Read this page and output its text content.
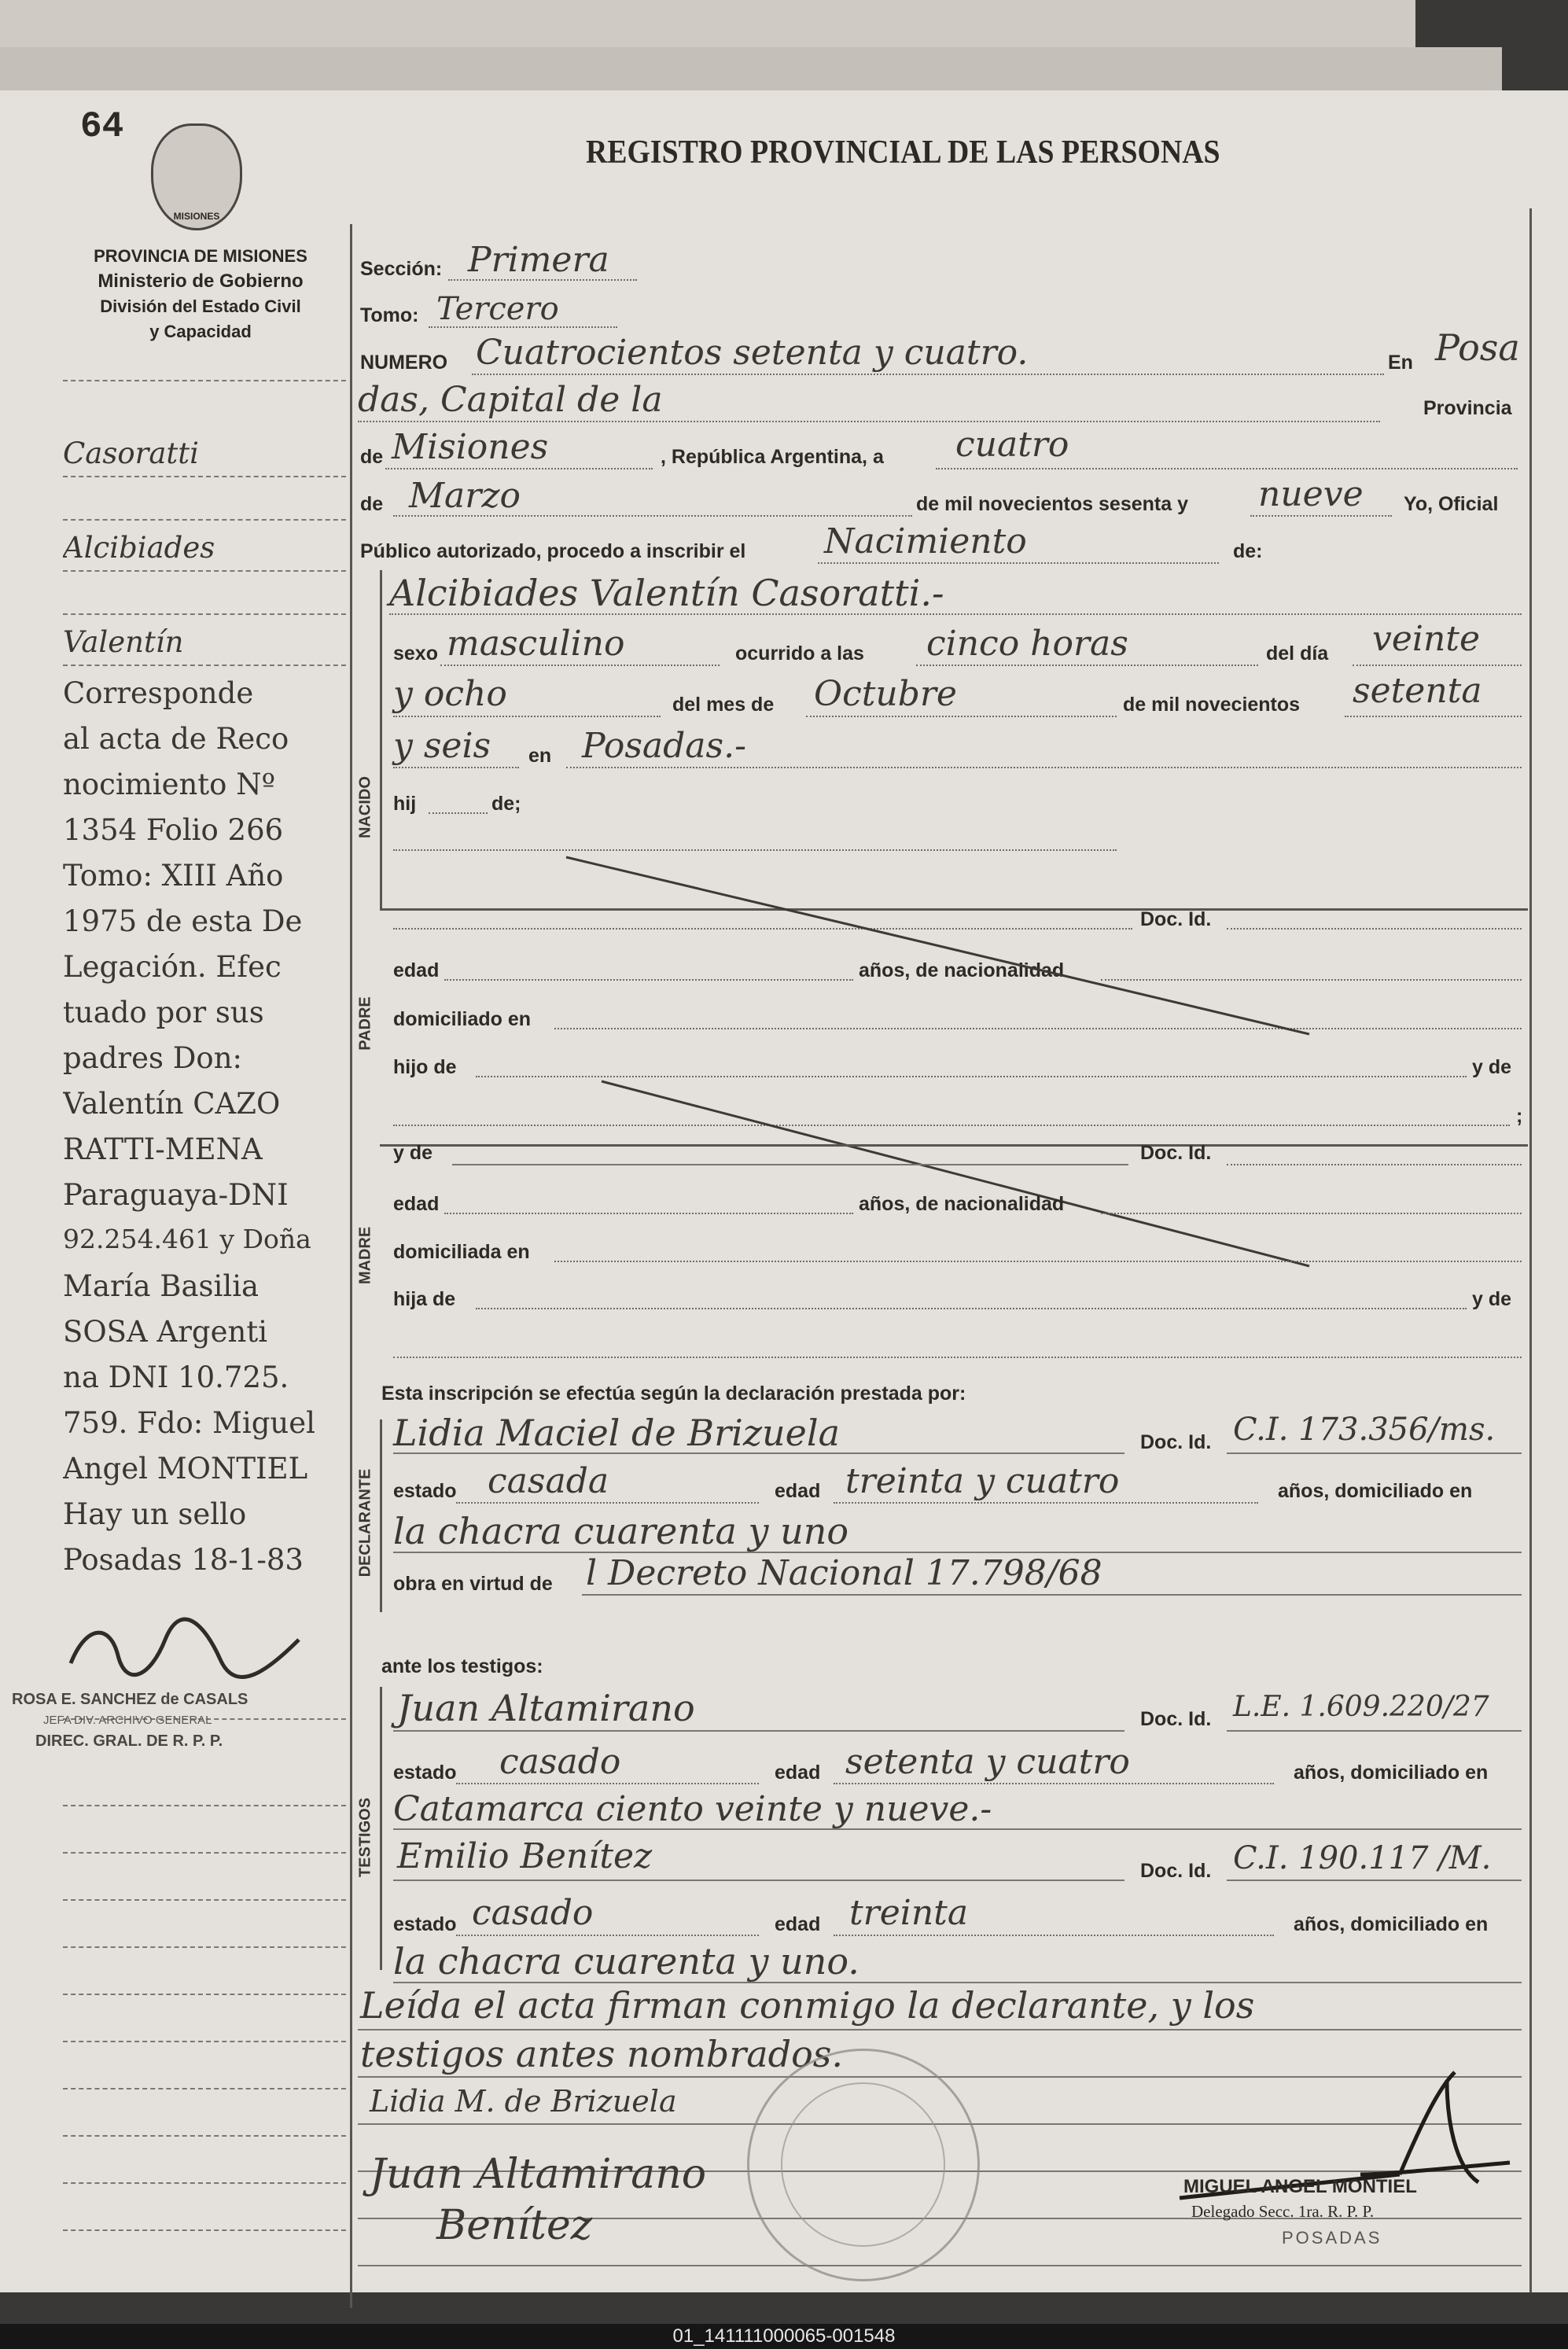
64
MISIONES
REGISTRO PROVINCIAL DE LAS PERSONAS
PROVINCIA DE MISIONES
Ministerio de Gobierno
División del Estado Civil
y Capacidad
Casoratti
Alcibiades
Valentín
Corresponde
al acta de Reco
nocimiento Nº
1354 Folio 266
Tomo: XIII Año
1975 de esta De
Legación. Efec
tuado por sus
padres Don:
Valentín CAZO
RATTI-MENA
Paraguaya-DNI
92.254.461 y Doña
María Basilia
SOSA Argenti
na DNI 10.725.
759. Fdo: Miguel
Angel MONTIEL
Hay un sello
Posadas 18-1-83
ROSA E. SANCHEZ de CASALS
JEFA DIV. ARCHIVO GENERAL
DIREC. GRAL. DE R. P. P.
Sección: Primera
Tomo: Tercero
NUMERO Cuatrocientos setenta y cuatro.	En Posa
das, Capital de la	Provincia
de Misiones	, República Argentina, a cuatro
de Marzo	de mil novecientos sesenta y nueve Yo, Oficial
Público autorizado, procedo a inscribir el Nacimiento	de:
NACIDO
Alcibiades Valentín Casoratti.-
sexo masculino	ocurrido a las cinco horas	del día veinte
y ocho	del mes de Octubre	de mil novecientos setenta
y seis en Posadas.-
hij	de;
Doc. Id.
PADRE
edad	años, de nacionalidad
domiciliado en
hijo de	y de
;
y de	Doc. Id.
MADRE
edad	años, de nacionalidad
domiciliada en
hija de	y de
Esta inscripción se efectúa según la declaración prestada por:
DECLARANTE
Lidia Maciel de Brizuela	Doc. Id. C.I. 173.356/ms.
estado casada	edad treinta y cuatro	años, domiciliado en
la chacra cuarenta y uno
obra en virtud de l Decreto Nacional 17.798/68
ante los testigos:
TESTIGOS
Juan Altamirano	Doc. Id. L.E. 1.609.220/27
estado casado	edad setenta y cuatro	años, domiciliado en
Catamarca ciento veinte y nueve.-
Emilio Benítez	Doc. Id. C.I. 190.117 /M.
estado casado	edad treinta	años, domiciliado en
la chacra cuarenta y uno.
Leída el acta firman conmigo la declarante, y los
testigos antes nombrados.
Lidia M. de Brizuela
Juan Altamirano
Benítez
MIGUEL ANGEL MONTIEL
Delegado Secc. 1ra. R. P. P.
POSADAS
01_141111000065-001548
